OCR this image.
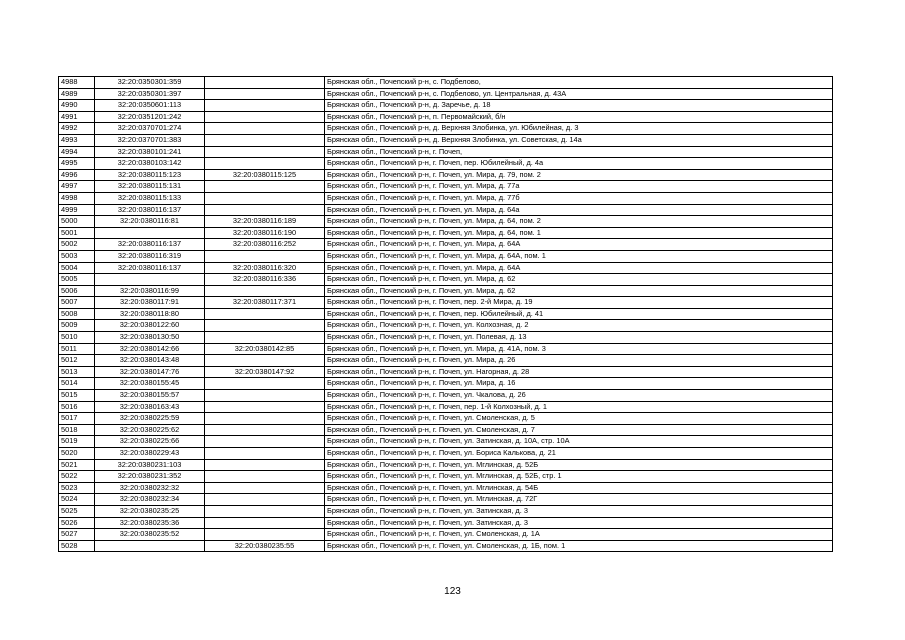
4988	32:20:0350301:359		Брянская обл., Почепский р-н, с. Подбелово,
4989	32:20:0350301:397		Брянская обл., Почепский р-н, с. Подбелово, ул. Центральная, д. 43А
4990	32:20:0350601:113		Брянская обл., Почепский р-н, д. Заречье, д. 18
4991	32:20:0351201:242		Брянская обл., Почепский р-н, п. Первомайский, б/н
4992	32:20:0370701:274		Брянская обл., Почепский р-н, д. Верхняя Злобинка, ул. Юбилейная, д. 3
4993	32:20:0370701:383		Брянская обл., Почепский р-н, д. Верхняя Злобинка, ул. Советская, д. 14а
4994	32:20:0380101:241		Брянская обл., Почепский р-н, г. Почеп,
4995	32:20:0380103:142		Брянская обл., Почепский р-н, г. Почеп, пер. Юбилейный, д. 4а
4996	32:20:0380115:123	32:20:0380115:125	Брянская обл., Почепский р-н, г. Почеп, ул. Мира, д. 79, пом. 2
4997	32:20:0380115:131		Брянская обл., Почепский р-н, г. Почеп, ул. Мира, д. 77а
4998	32:20:0380115:133		Брянская обл., Почепский р-н, г. Почеп, ул. Мира, д. 77б
4999	32:20:0380116:137		Брянская обл., Почепский р-н, г. Почеп, ул. Мира, д. 64а
5000	32:20:0380116:81	32:20:0380116:189	Брянская обл., Почепский р-н, г. Почеп, ул. Мира, д. 64, пом. 2
5001		32:20:0380116:190	Брянская обл., Почепский р-н, г. Почеп, ул. Мира, д. 64, пом. 1
5002	32:20:0380116:137	32:20:0380116:252	Брянская обл., Почепский р-н, г. Почеп, ул. Мира, д. 64А
5003	32:20:0380116:319		Брянская обл., Почепский р-н, г. Почеп, ул. Мира, д. 64А, пом. 1
5004	32:20:0380116:137	32:20:0380116:320	Брянская обл., Почепский р-н, г. Почеп, ул. Мира, д. 64А
5005		32:20:0380116:336	Брянская обл., Почепский р-н, г. Почеп, ул. Мира, д. 62
5006	32:20:0380116:99		Брянская обл., Почепский р-н, г. Почеп, ул. Мира, д. 62
5007	32:20:0380117:91	32:20:0380117:371	Брянская обл., Почепский р-н, г. Почеп, пер. 2-й Мира, д. 19
5008	32:20:0380118:80		Брянская обл., Почепский р-н, г. Почеп, пер. Юбилейный, д. 41
5009	32:20:0380122:60		Брянская обл., Почепский р-н, г. Почеп, ул. Колхозная, д. 2
5010	32:20:0380130:50		Брянская обл., Почепский р-н, г. Почеп, ул. Полевая, д. 13
5011	32:20:0380142:66	32:20:0380142:85	Брянская обл., Почепский р-н, г. Почеп, ул. Мира, д. 41А, пом. 3
5012	32:20:0380143:48		Брянская обл., Почепский р-н, г. Почеп, ул. Мира, д. 26
5013	32:20:0380147:76	32:20:0380147:92	Брянская обл., Почепский р-н, г. Почеп, ул. Нагорная, д. 28
5014	32:20:0380155:45		Брянская обл., Почепский р-н, г. Почеп, ул. Мира, д. 16
5015	32:20:0380155:57		Брянская обл., Почепский р-н, г. Почеп, ул. Чкалова, д. 26
5016	32:20:0380163:43		Брянская обл., Почепский р-н, г. Почеп, пер. 1-й Колхозный, д. 1
5017	32:20:0380225:59		Брянская обл., Почепский р-н, г. Почеп, ул. Смоленская, д. 5
5018	32:20:0380225:62		Брянская обл., Почепский р-н, г. Почеп, ул. Смоленская, д. 7
5019	32:20:0380225:66		Брянская обл., Почепский р-н, г. Почеп, ул. Затинская, д. 10А, стр. 10А
5020	32:20:0380229:43		Брянская обл., Почепский р-н, г. Почеп, ул. Бориса Калькова, д. 21
5021	32:20:0380231:103		Брянская обл., Почепский р-н, г. Почеп, ул. Мглинская, д. 52Б
5022	32:20:0380231:352		Брянская обл., Почепский р-н, г. Почеп, ул. Мглинская, д. 52Б, стр. 1
5023	32:20:0380232:32		Брянская обл., Почепский р-н, г. Почеп, ул. Мглинская, д. 54Б
5024	32:20:0380232:34		Брянская обл., Почепский р-н, г. Почеп, ул. Мглинская, д. 72Г
5025	32:20:0380235:25		Брянская обл., Почепский р-н, г. Почеп, ул. Затинская, д. 3
5026	32:20:0380235:36		Брянская обл., Почепский р-н, г. Почеп, ул. Затинская, д. 3
5027	32:20:0380235:52		Брянская обл., Почепский р-н, г. Почеп, ул. Смоленская, д. 1А
5028		32:20:0380235:55	Брянская обл., Почепский р-н, г. Почеп, ул. Смоленская, д. 1Б, пом. 1
123
